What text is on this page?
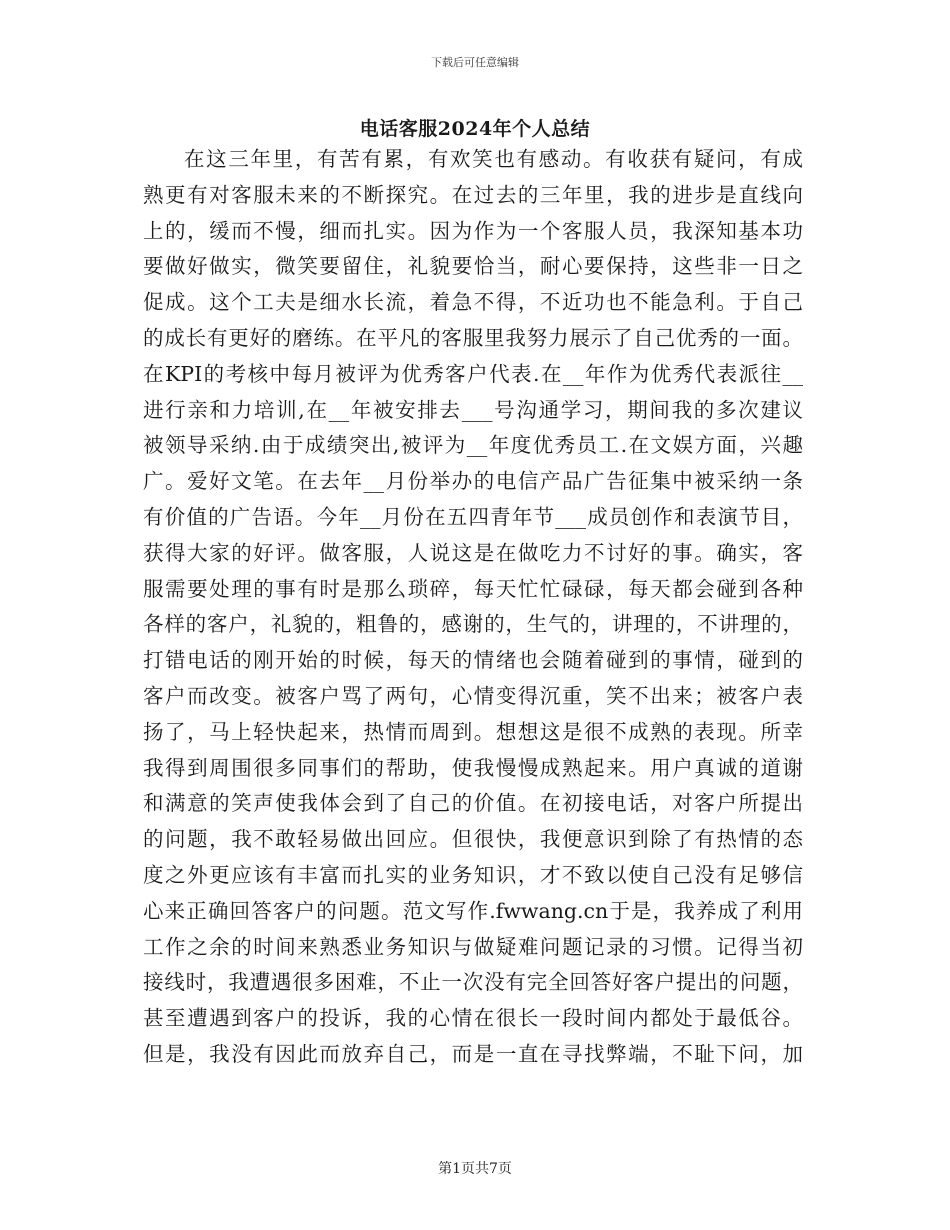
下载后可任意编辑
电话客服2024年个人总结
在这三年里，有苦有累，有欢笑也有感动。有收获有疑问，有成
熟更有对客服未来的不断探究。在过去的三年里，我的进步是直线向
上的，缓而不慢，细而扎实。因为作为一个客服人员，我深知基本功
要做好做实，微笑要留住，礼貌要恰当，耐心要保持，这些非一日之
促成。这个工夫是细水长流，着急不得，不近功也不能急利。于自己
的成长有更好的磨练。在平凡的客服里我努力展示了自己优秀的一面。
在KPI的考核中每月被评为优秀客户代表.在__年作为优秀代表派往__
进行亲和力培训,在__年被安排去___号沟通学习，期间我的多次建议
被领导采纳.由于成绩突出,被评为__年度优秀员工.在文娱方面，兴趣
广。爱好文笔。在去年__月份举办的电信产品广告征集中被采纳一条
有价值的广告语。今年__月份在五四青年节___成员创作和表演节目，
获得大家的好评。做客服，人说这是在做吃力不讨好的事。确实，客
服需要处理的事有时是那么琐碎，每天忙忙碌碌，每天都会碰到各种
各样的客户，礼貌的，粗鲁的，感谢的，生气的，讲理的，不讲理的，
打错电话的刚开始的时候，每天的情绪也会随着碰到的事情，碰到的
客户而改变。被客户骂了两句，心情变得沉重，笑不出来；被客户表
扬了，马上轻快起来，热情而周到。想想这是很不成熟的表现。所幸
我得到周围很多同事们的帮助，使我慢慢成熟起来。用户真诚的道谢
和满意的笑声使我体会到了自己的价值。在初接电话，对客户所提出
的问题，我不敢轻易做出回应。但很快，我便意识到除了有热情的态
度之外更应该有丰富而扎实的业务知识，才不致以使自己没有足够信
心来正确回答客户的问题。范文写作.fwwang.cn于是，我养成了利用
工作之余的时间来熟悉业务知识与做疑难问题记录的习惯。记得当初
接线时，我遭遇很多困难，不止一次没有完全回答好客户提出的问题，
甚至遭遇到客户的投诉，我的心情在很长一段时间内都处于最低谷。
但是，我没有因此而放弃自己，而是一直在寻找弊端，不耻下问，加
第1页共7页
